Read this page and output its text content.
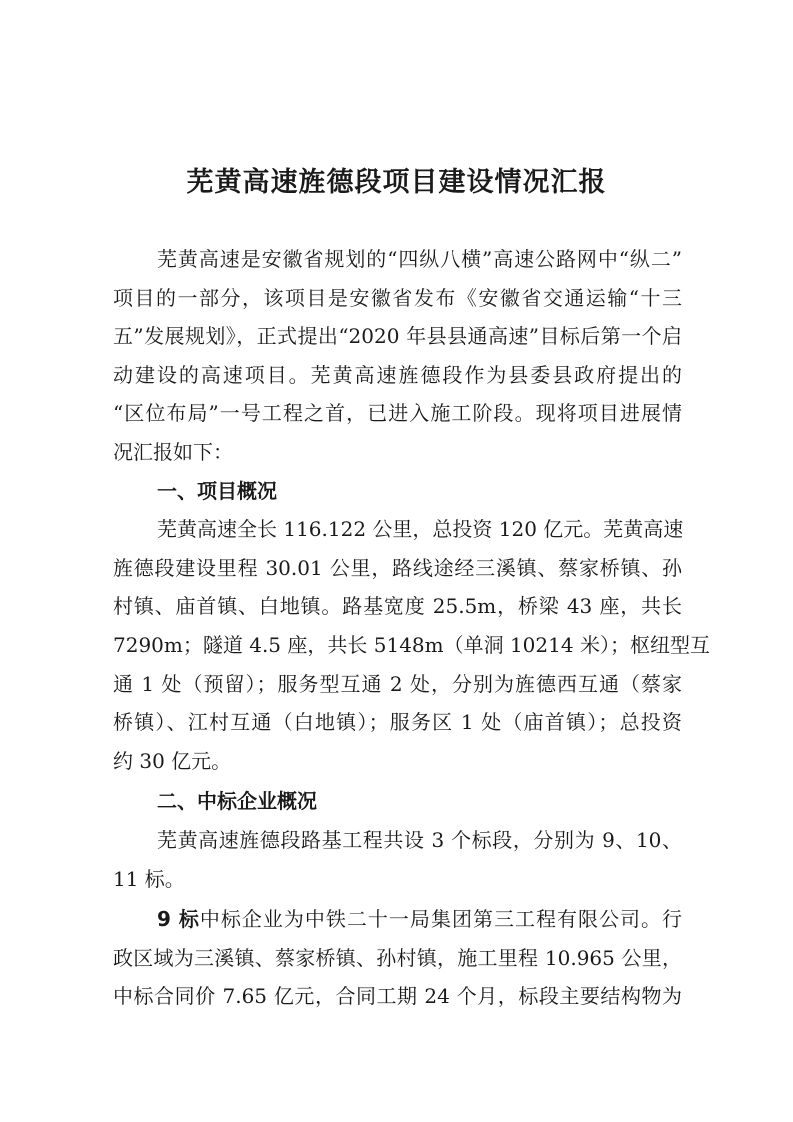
芜黄高速旌德段项目建设情况汇报
芜黄高速是安徽省规划的“四纵八横”高速公路网中“纵二”
项目的一部分，该项目是安徽省发布《安徽省交通运输“十三
五”发展规划》，正式提出“2020 年县县通高速”目标后第一个启
动建设的高速项目。芜黄高速旌德段作为县委县政府提出的
“区位布局”一号工程之首，已进入施工阶段。现将项目进展情
况汇报如下：
一、项目概况
芜黄高速全长 116.122 公里，总投资 120 亿元。芜黄高速
旌德段建设里程 30.01 公里，路线途经三溪镇、蔡家桥镇、孙
村镇、庙首镇、白地镇。路基宽度 25.5m，桥梁 43 座，共长
7290m；隧道 4.5 座，共长 5148m（单洞 10214 米）；枢纽型互
通 1 处（预留）；服务型互通 2 处，分别为旌德西互通（蔡家
桥镇）、江村互通（白地镇）；服务区 1 处（庙首镇）；总投资
约 30 亿元。
二、中标企业概况
芜黄高速旌德段路基工程共设 3 个标段，分别为 9、10、
11 标。
9 标中标企业为中铁二十一局集团第三工程有限公司。行
政区域为三溪镇、蔡家桥镇、孙村镇，施工里程 10.965 公里，
中标合同价 7.65 亿元，合同工期 24 个月，标段主要结构物为
